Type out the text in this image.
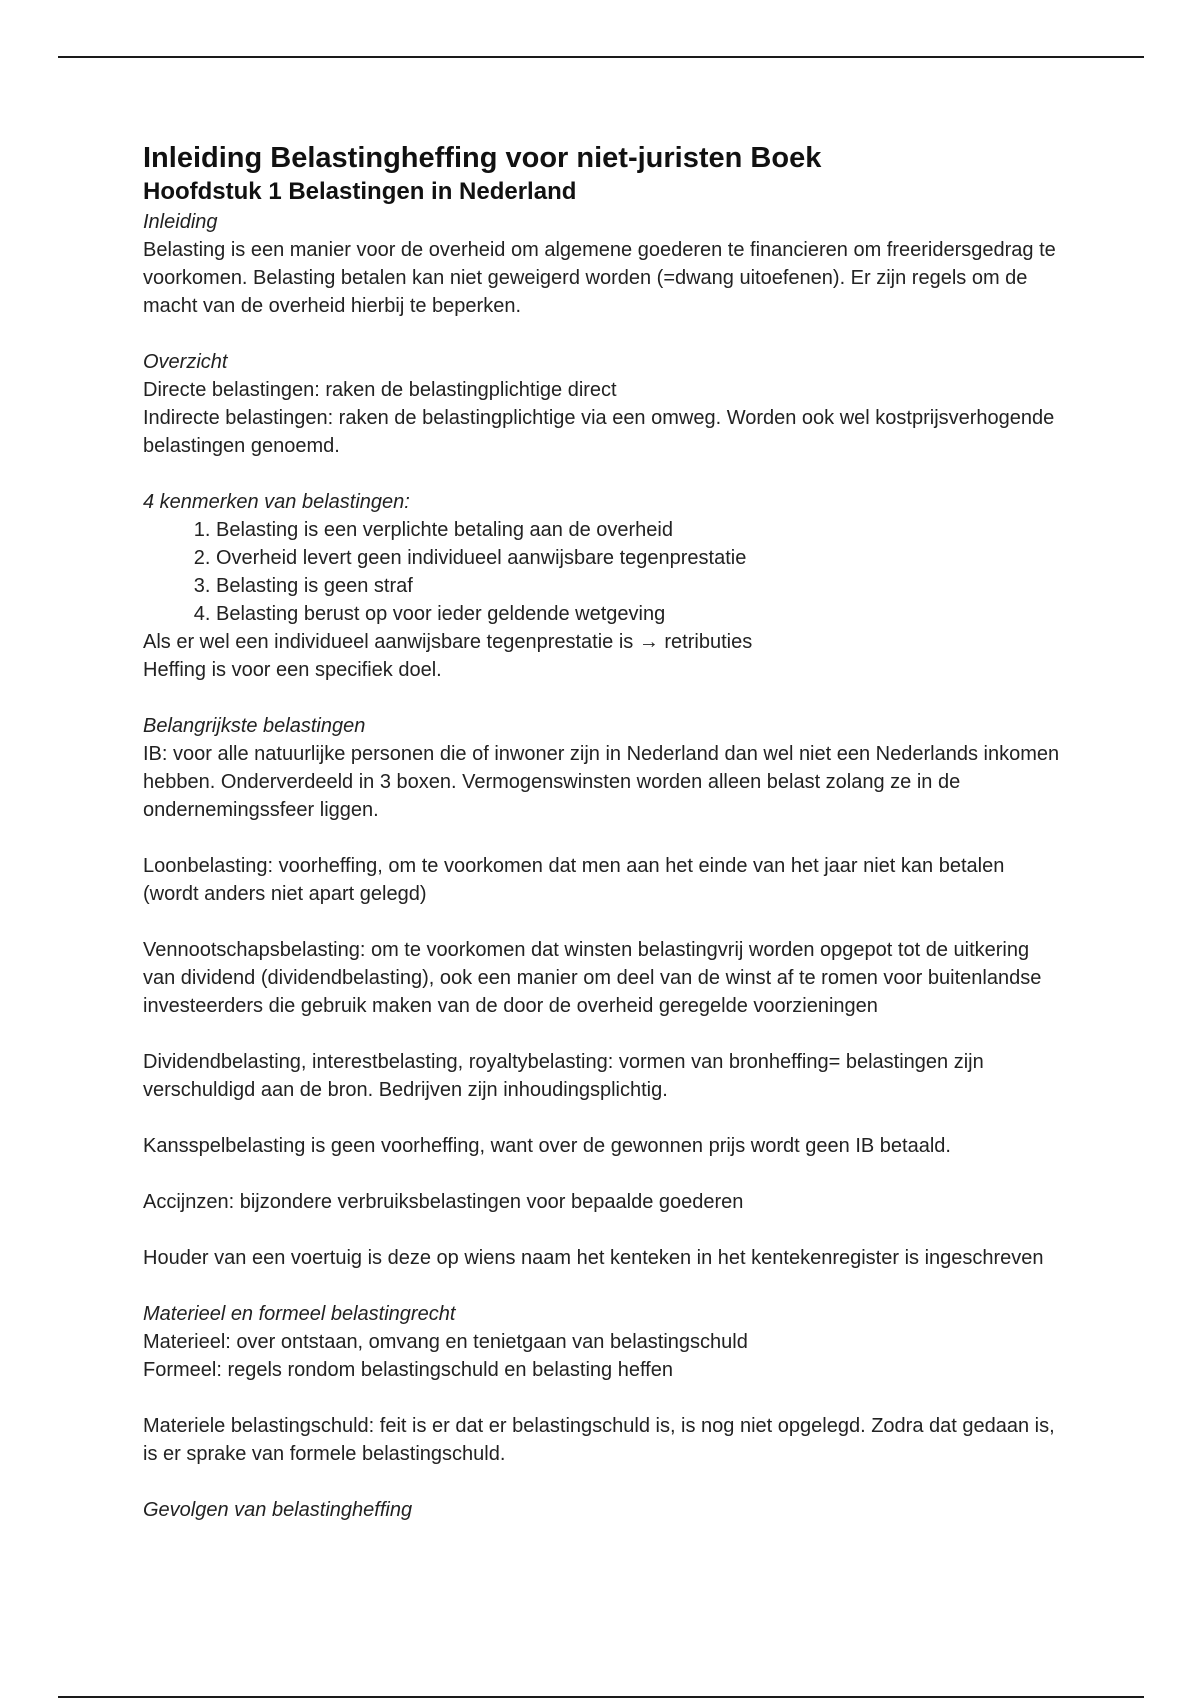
Inleiding Belastingheffing voor niet-juristen Boek
Hoofdstuk 1 Belastingen in Nederland

Inleiding

Belasting is een manier voor de overheid om algemene goederen te financieren om freeridersgedrag te

voorkomen. Belasting betalen kan niet geweigerd worden (=dwang uitoefenen). Er zijn regels om de

macht van de overheid hierbij te beperken.

Overzicht

Directe belastingen: raken de belastingplichtige direct

Indirecte belastingen: raken de belastingplichtige via een omweg. Worden ook wel kostprijsverhogende

belastingen genoemd.

4 kenmerken van belastingen:

1. Belasting is een verplichte betaling aan de overheid
2. Overheid levert geen individueel aanwijsbare tegenprestatie
3. Belasting is geen straf
4. Belasting berust op voor ieder geldende wetgeving

Als er wel een individueel aanwijsbare tegenprestatie is → retributies

Heffing is voor een specifiek doel.

Belangrijkste belastingen

IB: voor alle natuurlijke personen die of inwoner zijn in Nederland dan wel niet een Nederlands inkomen

hebben. Onderverdeeld in 3 boxen. Vermogenswinsten worden alleen belast zolang ze in de

ondernemingssfeer liggen.

Loonbelasting: voorheffing, om te voorkomen dat men aan het einde van het jaar niet kan betalen

(wordt anders niet apart gelegd)

Vennootschapsbelasting: om te voorkomen dat winsten belastingvrij worden opgepot tot de uitkering

van dividend (dividendbelasting), ook een manier om deel van de winst af te romen voor buitenlandse

investeerders die gebruik maken van de door de overheid geregelde voorzieningen

Dividendbelasting, interestbelasting, royaltybelasting: vormen van bronheffing= belastingen zijn

verschuldigd aan de bron. Bedrijven zijn inhoudingsplichtig.

Kansspelbelasting is geen voorheffing, want over de gewonnen prijs wordt geen IB betaald.

Accijnzen: bijzondere verbruiksbelastingen voor bepaalde goederen

Houder van een voertuig is deze op wiens naam het kenteken in het kentekenregister is ingeschreven

Materieel en formeel belastingrecht

Materieel: over ontstaan, omvang en tenietgaan van belastingschuld

Formeel: regels rondom belastingschuld en belasting heffen

Materiele belastingschuld: feit is er dat er belastingschuld is, is nog niet opgelegd. Zodra dat gedaan is,

is er sprake van formele belastingschuld.

Gevolgen van belastingheffing
